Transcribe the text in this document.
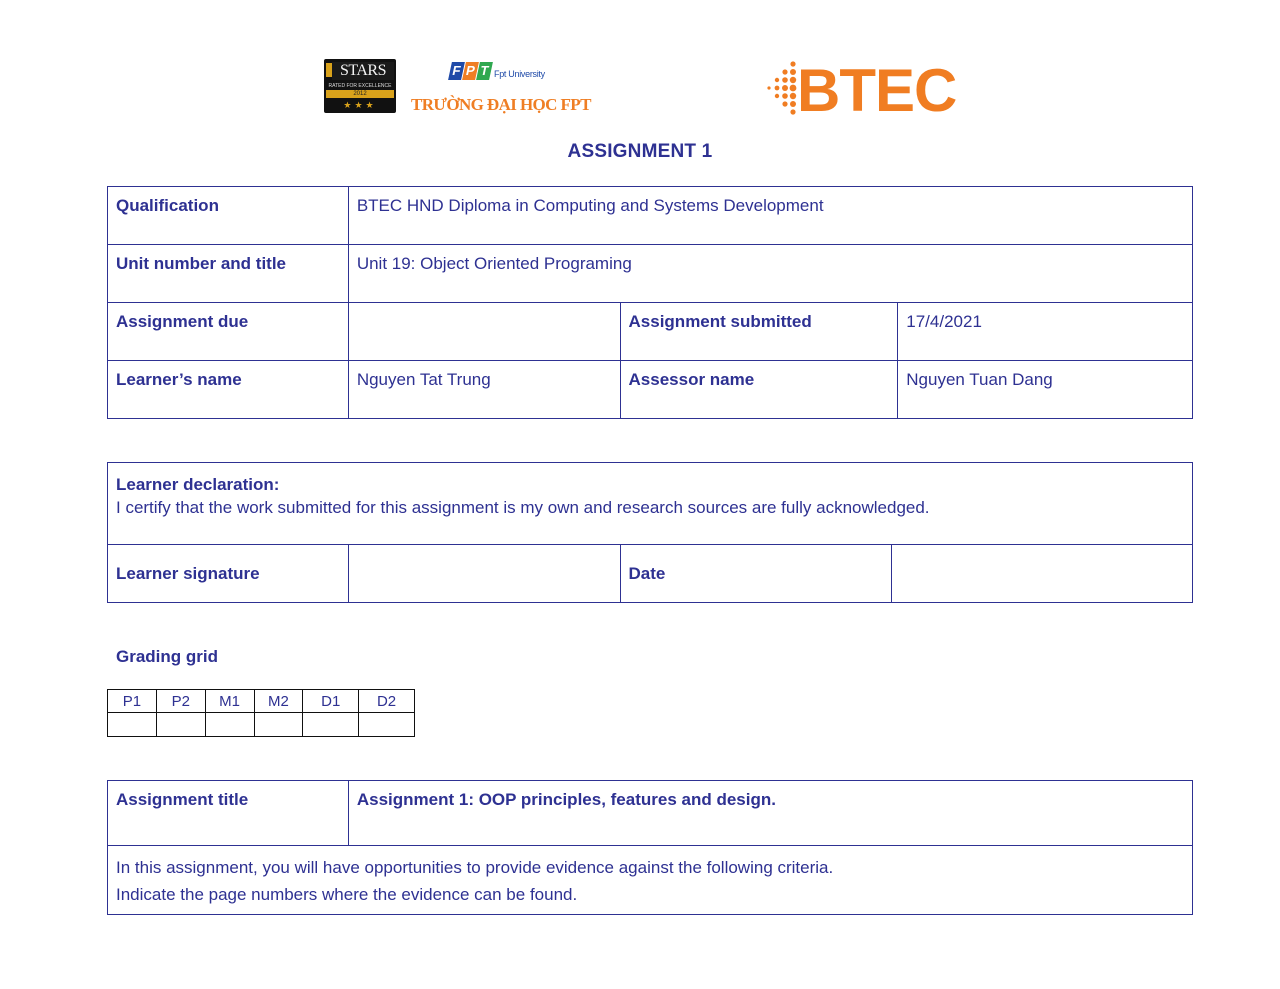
STARS
RATED FOR EXCELLENCE
2012
★★★
F P T Fpt University
TRƯỜNG ĐẠI HỌC FPT	BTEC
ASSIGNMENT 1
Qualification	BTEC HND Diploma in Computing and Systems Development		
Unit number and title	Unit 19: Object Oriented Programing		
Assignment due		Assignment submitted	17/4/2021
Learner’s name	Nguyen Tat Trung	Assessor name	Nguyen Tuan Dang
Learner declaration:
I certify that the work submitted for this assignment is my own and research sources are fully acknowledged.

Learner signature		Date	
Grading grid
P1	P2	M1	M2	D1	D2

Assignment title	Assignment 1: OOP principles, features and design.

In this assignment, you will have opportunities to provide evidence against the following criteria.
Indicate the page numbers where the evidence can be found.
